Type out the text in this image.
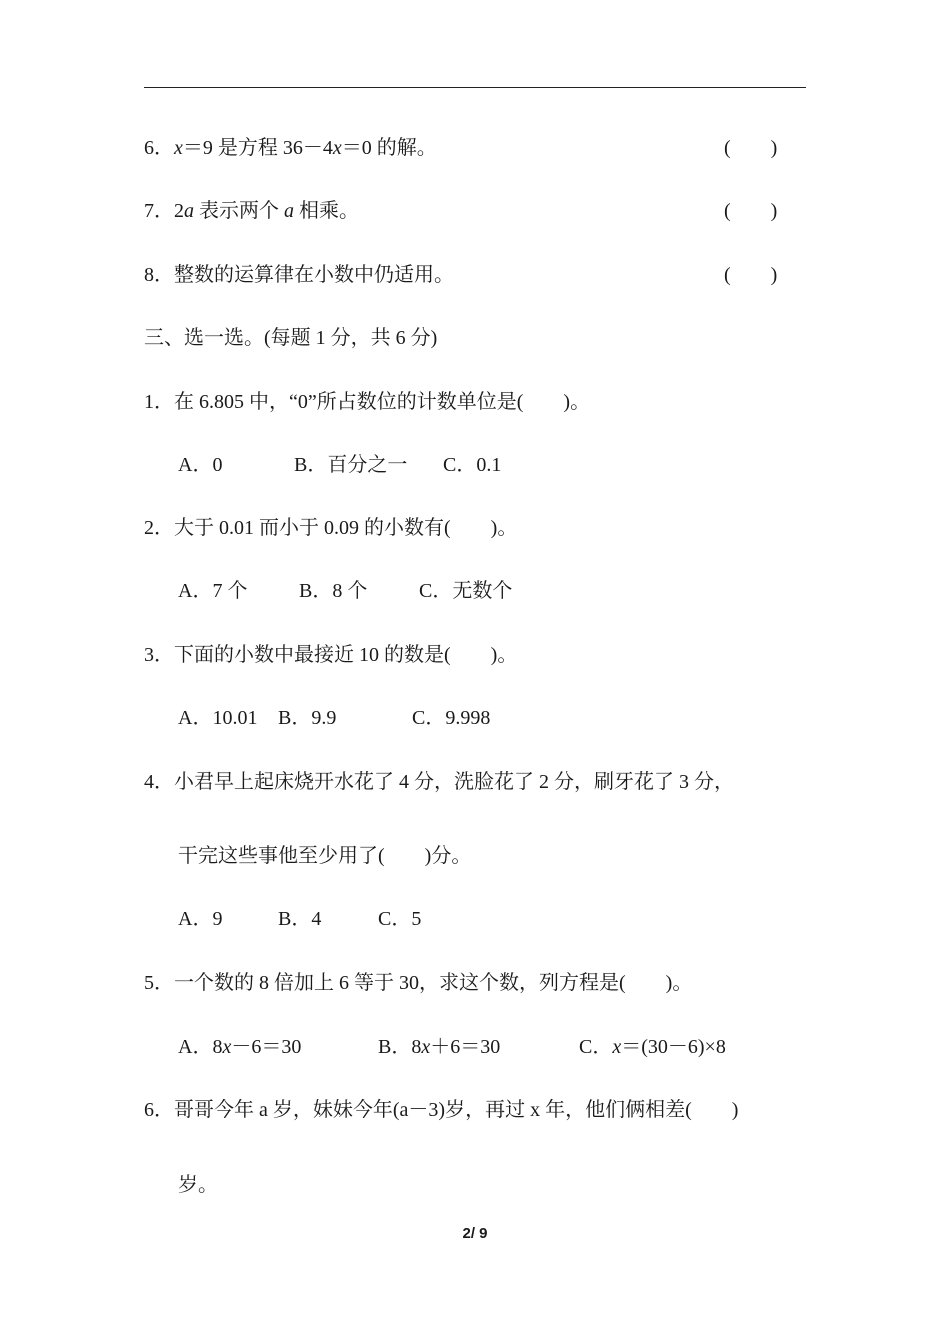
6．x＝9 是方程 36－4x＝0 的解。	(　　)
7．2a 表示两个 a 相乘。	(　　)
8．整数的运算律在小数中仍适用。	(　　)
三、选一选。(每题 1 分，共 6 分)
1．在 6.805 中，“0”所占数位的计数单位是(　　)。
A．0	B．百分之一 C．0.1
2．大于 0.01 而小于 0.09 的小数有(　　)。
A．7 个	B．8 个	C．无数个
3．下面的小数中最接近 10 的数是(　　)。
A．10.01 B．9.9	C．9.998
4．小君早上起床烧开水花了 4 分，洗脸花了 2 分，刷牙花了 3 分，
干完这些事他至少用了(　　)分。
A．9	B．4	C．5
5．一个数的 8 倍加上 6 等于 30，求这个数，列方程是(　　)。
A．8x－6＝30	B．8x＋6＝30	C．x＝(30－6)×8
6．哥哥今年 a 岁，妹妹今年(a－3)岁，再过 x 年，他们俩相差(　　)
岁。
2/ 9
